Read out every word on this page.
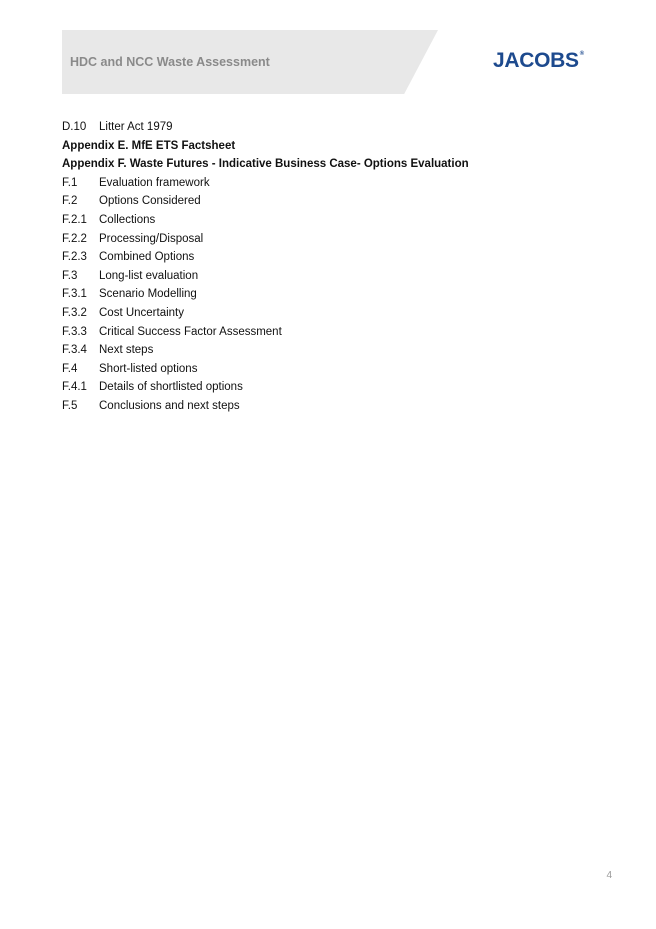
HDC and NCC Waste Assessment	JACOBS®
D.10	Litter Act 1979
Appendix E. MfE ETS Factsheet
Appendix F. Waste Futures - Indicative Business Case- Options Evaluation
F.1	Evaluation framework
F.2	Options Considered
F.2.1	Collections
F.2.2	Processing/Disposal
F.2.3	Combined Options
F.3	Long-list evaluation
F.3.1	Scenario Modelling
F.3.2	Cost Uncertainty
F.3.3	Critical Success Factor Assessment
F.3.4	Next steps
F.4	Short-listed options
F.4.1	Details of shortlisted options
F.5	Conclusions and next steps
4
